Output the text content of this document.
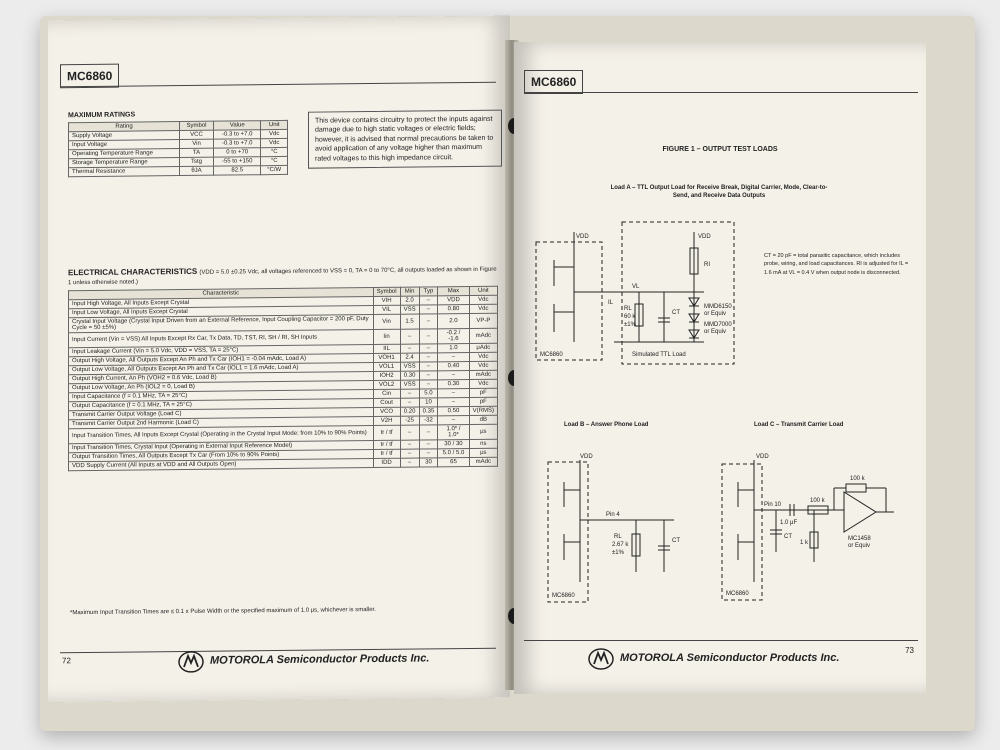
MC6860
MAXIMUM RATINGS
Rating	Symbol	Value	Unit
Supply Voltage	VCC	-0.3 to +7.0	Vdc
Input Voltage	Vin	-0.3 to +7.0	Vdc
Operating Temperature Range	TA	0 to +70	°C
Storage Temperature Range	Tstg	-55 to +150	°C
Thermal Resistance	θJA	82.5	°C/W
This device contains circuitry to protect the inputs against damage due to high static voltages or electric fields; however, it is advised that normal precautions be taken to avoid application of any voltage higher than maximum rated voltages to this high impedance circuit.
ELECTRICAL CHARACTERISTICS (VDD = 5.0 ±0.25 Vdc, all voltages referenced to VSS = 0, TA = 0 to 70°C, all outputs loaded as shown in Figure 1 unless otherwise noted.)
Characteristic	Symbol	Min	Typ	Max	Unit
Input High Voltage, All Inputs Except Crystal	VIH	2.0	–	VDD	Vdc
Input Low Voltage, All Inputs Except Crystal	VIL	VSS	–	0.80	Vdc
Crystal Input Voltage (Crystal Input Driven from an External Reference, Input Coupling Capacitor = 200 pF, Duty Cycle = 50 ±5%)	Vin	1.5	–	2.0	VP-P
Input Current (Vin = VSS) All Inputs Except Rx Car, Tx Data, TD, TST, RI, SH / RI, SH Inputs	Iin	–	–	-0.2 / -1.6	mAdc
Input Leakage Current (Vin = 5.0 Vdc, VDD = VSS, TA = 25°C)	IIL	–	–	1.0	μAdc
Output High Voltage, All Outputs Except An Ph and Tx Car (IOH1 = -0.04 mAdc, Load A)	VOH1	2.4	–	–	Vdc
Output Low Voltage, All Outputs Except An Ph and Tx Car (IOL1 = 1.6 mAdc, Load A)	VOL1	VSS	–	0.40	Vdc
Output High Current, An Ph (VOH2 = 0.6 Vdc, Load B)	IOH2	0.30	–	–	mAdc
Output Low Voltage, An Ph (IOL2 = 0, Load B)	VOL2	VSS	–	0.30	Vdc
Input Capacitance (f = 0.1 MHz, TA = 25°C)	Cin	–	5.0	–	pF
Output Capacitance (f = 0.1 MHz, TA = 25°C)	Cout	–	10	–	pF
Transmit Carrier Output Voltage (Load C)	VCO	0.20	0.35	0.50	V(RMS)
Transmit Carrier Output 2nd Harmonic (Load C)	V2H	-25	-32	–	dB
Input Transition Times, All Inputs Except Crystal (Operating in the Crystal Input Mode: from 10% to 90% Points)	tr / tf	–	–	1.0* / 1.0*	μs
Input Transition Times, Crystal Input (Operating in External Input Reference Model)	tr / tf	–	–	30 / 30	ns
Output Transition Times, All Outputs Except Tx Car (From 10% to 90% Points)	tr / tf	–	–	5.0 / 5.0	μs
VDD Supply Current (All Inputs at VDD and All Outputs Open)	IDD	–	30	65	mAdc
*Maximum Input Transition Times are ≤ 0.1 x Pulse Width or the specified maximum of 1.0 μs, whichever is smaller.
72	MOTOROLA Semiconductor Products Inc.
MC6860
FIGURE 1 – OUTPUT TEST LOADS
Load A – TTL Output Load for Receive Break, Digital Carrier, Mode, Clear-to-Send, and Receive Data Outputs
VDD	VDD
RI
VL
IL
RL
60 k
±1%
CT
MMD6150
or Equiv
MMD7000
or Equiv
MC6860	Simulated TTL Load
VDD
Pin 4
RL
2.67 k
±1%
CT
MC6860
VDD
Pin 10
100 k
100 k
1.0 μF
CT
1 k
MC1458
or Equiv
MC6860
CT = 20 pF = total parasitic capacitance, which includes probe, wiring, and load capacitances. RI is adjusted for IL = 1.6 mA at VL = 0.4 V when output node is disconnected.
Load B – Answer Phone Load	Load C – Transmit Carrier Load
MOTOROLA Semiconductor Products Inc.
73
